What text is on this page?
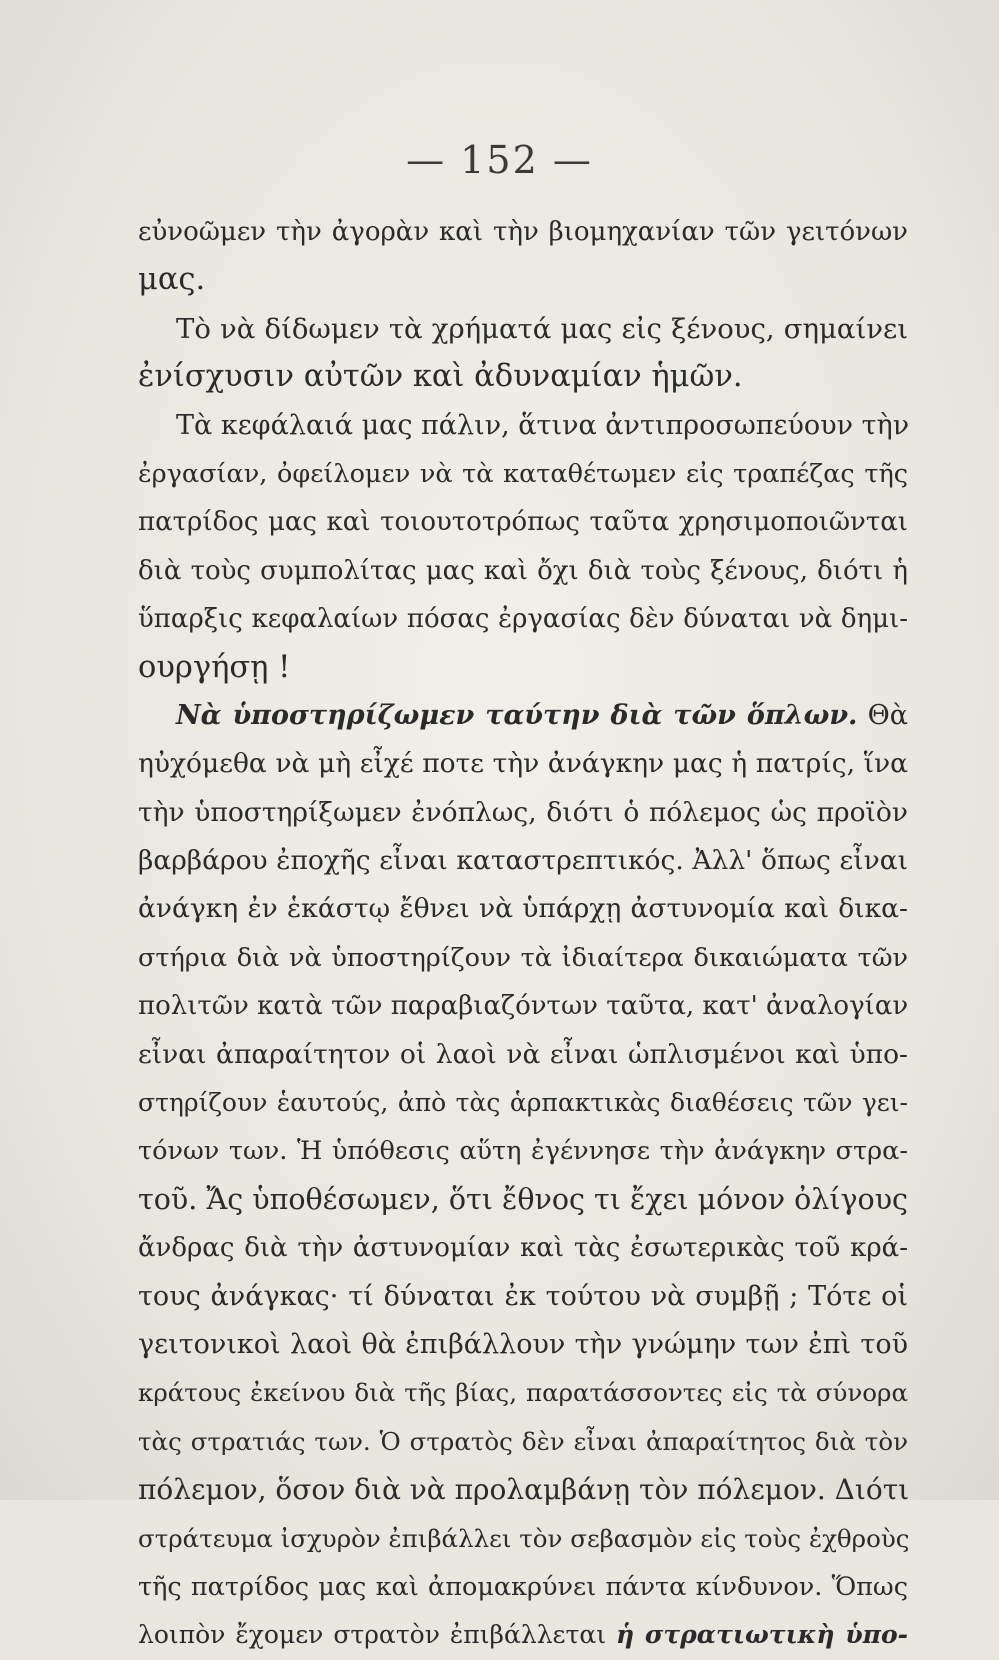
— 152 —
εὐνοῶμεν τὴν ἀγορὰν καὶ τὴν βιομηχανίαν τῶν γειτόνων
μας.
Τὸ νὰ δίδωμεν τὰ χρήματά μας εἰς ξένους, σημαίνει
ἐνίσχυσιν αὐτῶν καὶ ἀδυναμίαν ἡμῶν.
Τὰ κεφάλαιά μας πάλιν, ἅτινα ἀντιπροσωπεύουν τὴν
ἐργασίαν, ὀφείλομεν νὰ τὰ καταθέτωμεν εἰς τραπέζας τῆς
πατρίδος μας καὶ τοιουτοτρόπως ταῦτα χρησιμοποιῶνται
διὰ τοὺς συμπολίτας μας καὶ ὄχι διὰ τοὺς ξένους, διότι ἡ
ὕπαρξις κεφαλαίων πόσας ἐργασίας δὲν δύναται νὰ δημι-
ουργήσῃ !
Νὰ ὑποστηρίζωμεν ταύτην διὰ τῶν ὅπλων. Θὰ
ηὐχόμεθα νὰ μὴ εἶχέ ποτε τὴν ἀνάγκην μας ἡ πατρίς, ἵνα
τὴν ὑποστηρίξωμεν ἐνόπλως, διότι ὁ πόλεμος ὡς προϊὸν
βαρβάρου ἐποχῆς εἶναι καταστρεπτικός. Ἀλλ' ὅπως εἶναι
ἀνάγκη ἐν ἑκάστῳ ἔθνει νὰ ὑπάρχῃ ἀστυνομία καὶ δικα-
στήρια διὰ νὰ ὑποστηρίζουν τὰ ἰδιαίτερα δικαιώματα τῶν
πολιτῶν κατὰ τῶν παραβιαζόντων ταῦτα, κατ' ἀναλογίαν
εἶναι ἀπαραίτητον οἱ λαοὶ νὰ εἶναι ὡπλισμένοι καὶ ὑπο-
στηρίζουν ἑαυτούς, ἀπὸ τὰς ἁρπακτικὰς διαθέσεις τῶν γει-
τόνων των. Ἡ ὑπόθεσις αὕτη ἐγέννησε τὴν ἀνάγκην στρα-
τοῦ. Ἄς ὑποθέσωμεν, ὅτι ἔθνος τι ἔχει μόνον ὀλίγους
ἄνδρας διὰ τὴν ἀστυνομίαν καὶ τὰς ἐσωτερικὰς τοῦ κρά-
τους ἀνάγκας· τί δύναται ἐκ τούτου νὰ συμβῇ ; Τότε οἱ
γειτονικοὶ λαοὶ θὰ ἐπιβάλλουν τὴν γνώμην των ἐπὶ τοῦ
κράτους ἐκείνου διὰ τῆς βίας, παρατάσσοντες εἰς τὰ σύνορα
τὰς στρατιάς των. Ὁ στρατὸς δὲν εἶναι ἀπαραίτητος διὰ τὸν
πόλεμον, ὅσον διὰ νὰ προλαμβάνῃ τὸν πόλεμον. Διότι
στράτευμα ἰσχυρὸν ἐπιβάλλει τὸν σεβασμὸν εἰς τοὺς ἐχθροὺς
τῆς πατρίδος μας καὶ ἀπομακρύνει πάντα κίνδυνον. Ὅπως
λοιπὸν ἔχομεν στρατὸν ἐπιβάλλεται ἡ στρατιωτικὴ ὑπο-
